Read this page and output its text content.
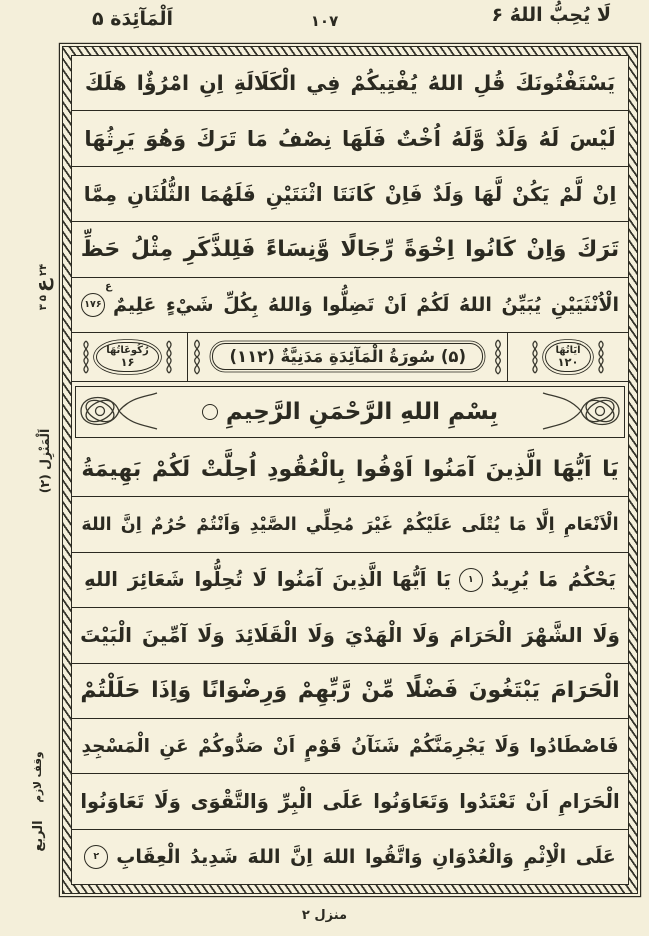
اَلْمَآئِدَة ۵	۱۰۷	لَا يُحِبُّ اللهُ ۶
يَسْتَفْتُونَكَ قُلِ اللهُ يُفْتِيكُمْ فِي الْكَلَالَةِ اِنِ امْرُؤٌا هَلَكَ
لَيْسَ لَهُ وَلَدٌ وَّلَهُ اُخْتٌ فَلَهَا نِصْفُ مَا تَرَكَ وَهُوَ يَرِثُهَا
اِنْ لَّمْ يَكُنْ لَّهَا وَلَدٌ فَاِنْ كَانَتَا اثْنَتَيْنِ فَلَهُمَا الثُّلُثَانِ مِمَّا
تَرَكَ وَاِنْ كَانُوا اِخْوَةً رِّجَالًا وَّنِسَاءً فَلِلذَّكَرِ مِثْلُ حَظِّ
الْاُنْثَيَيْنِ يُبَيِّنُ اللهُ لَكُمْ اَنْ تَضِلُّوا وَاللهُ بِكُلِّ شَيْءٍ عَلِيمٌ
۱۷۶
ع
آيَاتُهَا
۱۲۰
(۵) سُورَةُ الْمَآئِدَةِ مَدَنِيَّةٌ (۱۱۲)
رُكُوعَاتُهَا
۱۶
بِسْمِ اللهِ الرَّحْمَنِ الرَّحِيمِ
يَا اَيُّهَا الَّذِينَ آمَنُوا اَوْفُوا بِالْعُقُودِ اُحِلَّتْ لَكُمْ بَهِيمَةُ
الْاَنْعَامِ اِلَّا مَا يُتْلَى عَلَيْكُمْ غَيْرَ مُحِلِّي الصَّيْدِ وَاَنْتُمْ حُرُمٌ اِنَّ اللهَ
يَحْكُمُ مَا يُرِيدُ
۱
يَا اَيُّهَا الَّذِينَ آمَنُوا لَا تُحِلُّوا شَعَائِرَ اللهِ
وَلَا الشَّهْرَ الْحَرَامَ وَلَا الْهَدْيَ وَلَا الْقَلَائِدَ وَلَا آمِّينَ الْبَيْتَ
الْحَرَامَ يَبْتَغُونَ فَضْلًا مِّنْ رَّبِّهِمْ وَرِضْوَانًا وَاِذَا حَلَلْتُمْ
فَاصْطَادُوا وَلَا يَجْرِمَنَّكُمْ شَنَآنُ قَوْمٍ اَنْ صَدُّوكُمْ عَنِ الْمَسْجِدِ
الْحَرَامِ اَنْ تَعْتَدُوا وَتَعَاوَنُوا عَلَى الْبِرِّ وَالتَّقْوَى وَلَا تَعَاوَنُوا
عَلَى الْاِثْمِ وَالْعُدْوَانِ وَاتَّقُوا اللهَ اِنَّ اللهَ شَدِيدُ الْعِقَابِ
۲
۲۴
ع
۵
۳
اَلْمَنْزِل (۲)
وقف لازم
الربع
منزل ۲
